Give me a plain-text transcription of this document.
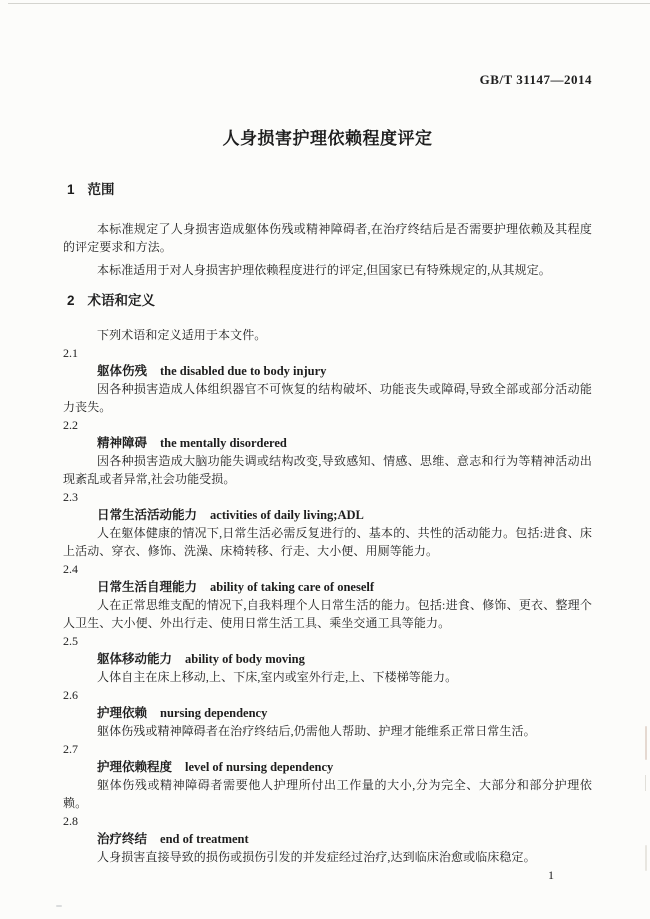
GB/T 31147—2014
人身损害护理依赖程度评定
1 范围
本标准规定了人身损害造成躯体伤残或精神障碍者,在治疗终结后是否需要护理依赖及其程度的评定要求和方法。
本标准适用于对人身损害护理依赖程度进行的评定,但国家已有特殊规定的,从其规定。
2 术语和定义
下列术语和定义适用于本文件。
2.1
躯体伤残 the disabled due to body injury
因各种损害造成人体组织器官不可恢复的结构破坏、功能丧失或障碍,导致全部或部分活动能力丧失。
2.2
精神障碍 the mentally disordered
因各种损害造成大脑功能失调或结构改变,导致感知、情感、思维、意志和行为等精神活动出现紊乱或者异常,社会功能受损。
2.3
日常生活活动能力 activities of daily living;ADL
人在躯体健康的情况下,日常生活必需反复进行的、基本的、共性的活动能力。包括:进食、床上活动、穿衣、修饰、洗澡、床椅转移、行走、大小便、用厕等能力。
2.4
日常生活自理能力 ability of taking care of oneself
人在正常思维支配的情况下,自我料理个人日常生活的能力。包括:进食、修饰、更衣、整理个人卫生、大小便、外出行走、使用日常生活工具、乘坐交通工具等能力。
2.5
躯体移动能力 ability of body moving
人体自主在床上移动,上、下床,室内或室外行走,上、下楼梯等能力。
2.6
护理依赖 nursing dependency
躯体伤残或精神障碍者在治疗终结后,仍需他人帮助、护理才能维系正常日常生活。
2.7
护理依赖程度 level of nursing dependency
躯体伤残或精神障碍者需要他人护理所付出工作量的大小,分为完全、大部分和部分护理依赖。
2.8
治疗终结 end of treatment
人身损害直接导致的损伤或损伤引发的并发症经过治疗,达到临床治愈或临床稳定。
1
